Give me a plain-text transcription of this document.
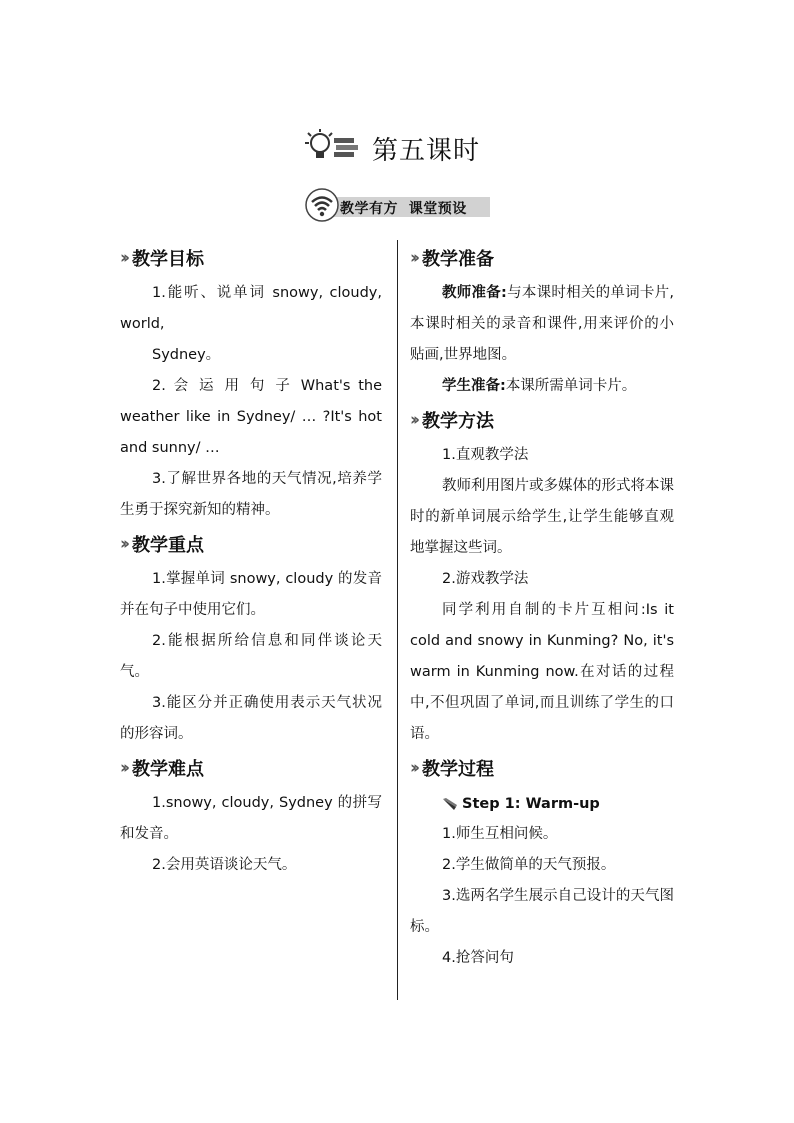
第五课时
教学有方  课堂预设
›› 教学目标
1.能听、说单词 snowy, cloudy, world,
Sydney。
2. 会 运 用 句 子 What's the weather like in Sydney/ … ?It's hot and sunny/ …
3.了解世界各地的天气情况,培养学生勇于探究新知的精神。
›› 教学重点
1.掌握单词 snowy, cloudy 的发音并在句子中使用它们。
2.能根据所给信息和同伴谈论天气。
3.能区分并正确使用表示天气状况的形容词。
›› 教学难点
1.snowy, cloudy, Sydney 的拼写和发音。
2.会用英语谈论天气。
›› 教学准备
教师准备:与本课时相关的单词卡片,本课时相关的录音和课件,用来评价的小贴画,世界地图。
学生准备:本课所需单词卡片。
›› 教学方法
1.直观教学法
教师利用图片或多媒体的形式将本课时的新单词展示给学生,让学生能够直观地掌握这些词。
2.游戏教学法
同学利用自制的卡片互相问:Is it cold and snowy in Kunming? No, it's warm in Kunming now.在对话的过程中,不但巩固了单词,而且训练了学生的口语。
›› 教学过程
Step 1: Warm-up
1.师生互相问候。
2.学生做简单的天气预报。
3.选两名学生展示自己设计的天气图标。
4.抢答问句
